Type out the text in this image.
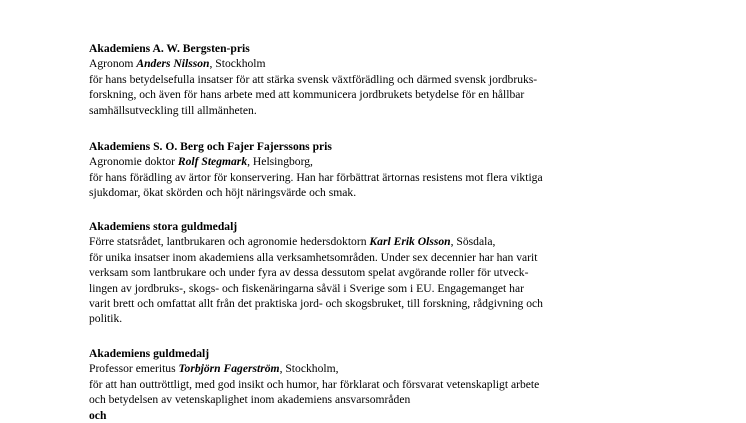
Akademiens A. W. Bergsten-pris
Agronom Anders Nilsson, Stockholm
för hans betydelsefulla insatser för att stärka svensk växtförädling och därmed svensk jordbruks-
forskning, och även för hans arbete med att kommunicera jordbrukets betydelse för en hållbar
samhällsutveckling till allmänheten.
Akademiens S. O. Berg och Fajer Fajerssons pris
Agronomie doktor Rolf Stegmark, Helsingborg,
för hans förädling av ärtor för konservering. Han har förbättrat ärtornas resistens mot flera viktiga
sjukdomar, ökat skörden och höjt näringsvärde och smak.
Akademiens stora guldmedalj
Förre statsrådet, lantbrukaren och agronomie hedersdoktorn Karl Erik Olsson, Sösdala,
för unika insatser inom akademiens alla verksamhetsområden. Under sex decennier har han varit
verksam som lantbrukare och under fyra av dessa dessutom spelat avgörande roller för utveck-
lingen av jordbruks-, skogs- och fiskenäringarna såväl i Sverige som i EU. Engagemanget har
varit brett och omfattat allt från det praktiska jord- och skogsbruket, till forskning, rådgivning och
politik.
Akademiens guldmedalj
Professor emeritus Torbjörn Fagerström, Stockholm,
för att han outtröttligt, med god insikt och humor, har förklarat och försvarat vetenskapligt arbete
och betydelsen av vetenskaplighet inom akademiens ansvarsområden
och
